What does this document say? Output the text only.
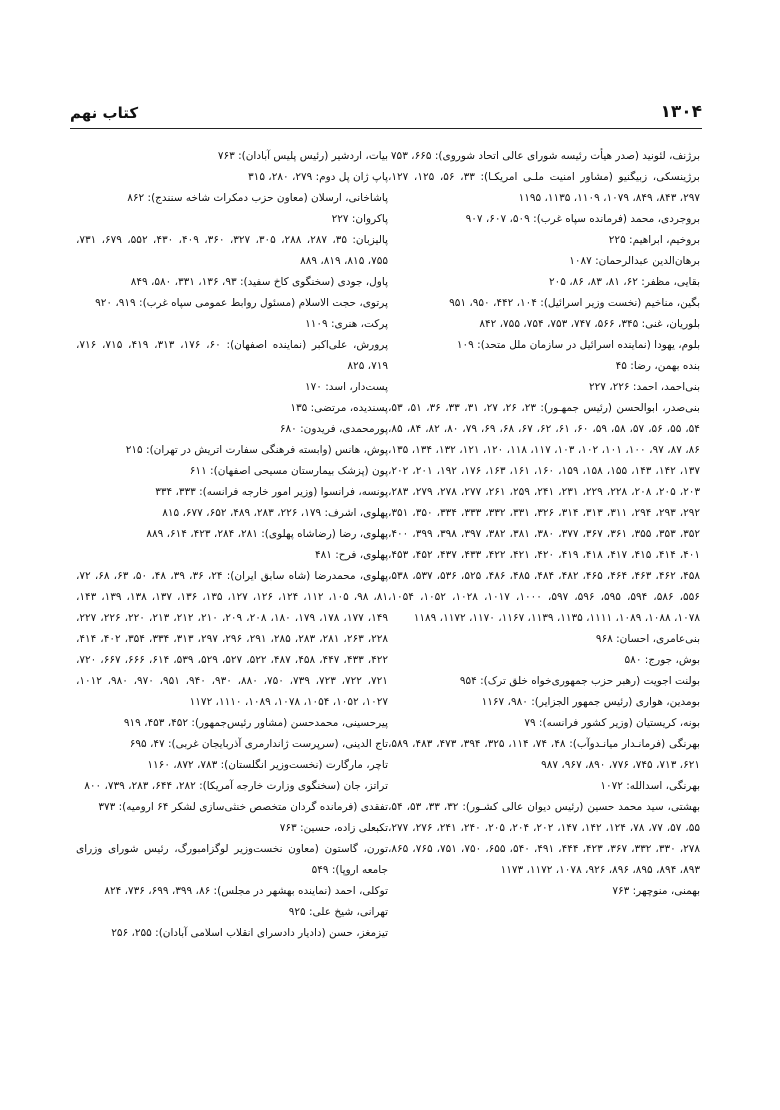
۱۳۰۴
کتاب نهم
برژنف، لئونید (صدر هیأت رئیسه شورای عالی اتحاد شوروی): ۶۶۵، ۷۵۳
برژینسکی، زبیگنیو (مشاور امنیت ملـی امریکـا): ۳۳، ۵۶، ۱۲۵، ۱۲۷، ۲۹۷، ۸۴۳، ۸۴۹، ۱۰۷۹، ۱۱۰۹، ۱۱۳۵، ۱۱۹۵
بروجردی، محمد (فرمانده سپاه غرب): ۵۰۹، ۶۰۷، ۹۰۷
بروخیم، ابراهیم: ۲۲۵
برهان‌الدین عبدالرحمان: ۱۰۸۷
بقایی، مظفر: ۶۲، ۸۱، ۸۳، ۸۶، ۲۰۵
بگین، مناخیم (نخست وزیر اسرائیل): ۱۰۴، ۴۴۲، ۹۵۰، ۹۵۱
بلوریان، غنی: ۳۴۵، ۵۶۶، ۷۴۷، ۷۵۳، ۷۵۴، ۷۵۵، ۸۴۲
بلوم، یهودا (نماینده اسرائیل در سازمان ملل متحد): ۱۰۹
بنده بهمن، رضا: ۴۵
بنی‌احمد، احمد: ۲۲۶، ۲۲۷
بنی‌صدر، ابوالحسن (رئیس جمهـور): ۲۳، ۲۶، ۲۷، ۳۱، ۳۳، ۳۶، ۵۱، ۵۳، ۵۴، ۵۵، ۵۶، ۵۷، ۵۸، ۵۹، ۶۰، ۶۱، ۶۲، ۶۷، ۶۸، ۶۹، ۷۹، ۸۰، ۸۲، ۸۴، ۸۵، ۸۶، ۸۷، ۹۷، ۱۰۰، ۱۰۱، ۱۰۲، ۱۰۳، ۱۱۷، ۱۱۸، ۱۲۰، ۱۲۱، ۱۳۲، ۱۳۴، ۱۳۵، ۱۳۷، ۱۴۲، ۱۴۳، ۱۵۵، ۱۵۸، ۱۵۹، ۱۶۰، ۱۶۱، ۱۶۳، ۱۷۶، ۱۹۲، ۲۰۱، ۲۰۲، ۲۰۳، ۲۰۵، ۲۰۸، ۲۲۸، ۲۲۹، ۲۳۱، ۲۴۱، ۲۵۹، ۲۶۱، ۲۷۷، ۲۷۸، ۲۷۹، ۲۸۳، ۲۹۲، ۲۹۳، ۲۹۴، ۳۱۱، ۳۱۳، ۳۱۴، ۳۲۶، ۳۳۱، ۳۳۲، ۳۳۳، ۳۳۴، ۳۵۰، ۳۵۱، ۳۵۲، ۳۵۳، ۳۵۵، ۳۶۱، ۳۶۷، ۳۷۷، ۳۸۰، ۳۸۱، ۳۸۲، ۳۹۷، ۳۹۸، ۳۹۹، ۴۰۰، ۴۰۱، ۴۱۴، ۴۱۵، ۴۱۷، ۴۱۸، ۴۱۹، ۴۲۰، ۴۲۱، ۴۲۲، ۴۳۳، ۴۳۷، ۴۵۲، ۴۵۳، ۴۵۸، ۴۶۲، ۴۶۳، ۴۶۴، ۴۶۵، ۴۸۲، ۴۸۴، ۴۸۵، ۴۸۶، ۵۲۵، ۵۳۶، ۵۳۷، ۵۳۸، ۵۵۶، ۵۸۶، ۵۹۴، ۵۹۵، ۵۹۶، ۵۹۷، ۱۰۰۰، ۱۰۱۷، ۱۰۲۸، ۱۰۵۲، ۱۰۵۴، ۱۰۷۸، ۱۰۸۸، ۱۰۸۹، ۱۱۱۱، ۱۱۳۵، ۱۱۳۹، ۱۱۶۷، ۱۱۷۰، ۱۱۷۲، ۱۱۸۹
بنی‌عامری، احسان: ۹۶۸
بوش، جورج: ۵۸۰
بولنت اجویت (رهبر حزب جمهوری‌خواه خلق ترک): ۹۵۴
بومدین، هواری (رئیس جمهور الجزایر): ۹۸۰، ۱۱۶۷
بونه، کریستیان (وزیر کشور فرانسه): ۷۹
بهرنگی (فرمانـدار میانـدوآب): ۴۸، ۷۴، ۱۱۴، ۳۲۵، ۳۹۴، ۴۷۳، ۴۸۳، ۵۸۹، ۶۲۱، ۷۱۳، ۷۴۵، ۷۷۶، ۸۹۰، ۹۶۷، ۹۸۷
بهرنگی، اسدالله: ۱۰۷۲
بهشتی، سید محمد حسین (رئیس دیوان عالی کشـور): ۳۲، ۳۳، ۵۳، ۵۴، ۵۵، ۵۷، ۷۷، ۷۸، ۱۲۴، ۱۴۲، ۱۴۷، ۲۰۲، ۲۰۴، ۲۰۵، ۲۴۰، ۲۴۱، ۲۷۶، ۲۷۷، ۲۷۸، ۳۳۰، ۳۳۲، ۳۶۷، ۴۲۳، ۴۴۴، ۴۹۱، ۵۴۰، ۶۵۵، ۷۵۰، ۷۵۱، ۷۶۵، ۸۶۵، ۸۹۳، ۸۹۴، ۸۹۵، ۸۹۶، ۹۲۶، ۱۰۷۸، ۱۱۷۲، ۱۱۷۳
بهمنی، منوچهر: ۷۶۳
بیات، اردشیر (رئیس پلیس آبادان): ۷۶۳
پاپ ژان پل دوم: ۲۷۹، ۲۸۰، ۳۱۵
پاشاخانی، ارسلان (معاون حزب دمکرات شاخه سنندج): ۸۶۲
پاکروان: ۲۲۷
پالیزبان: ۳۵، ۲۸۷، ۲۸۸، ۳۰۵، ۳۲۷، ۳۶۰، ۴۰۹، ۴۳۰، ۵۵۲، ۶۷۹، ۷۳۱، ۷۵۵، ۸۱۵، ۸۱۹، ۸۸۹
پاول، جودی (سخنگوی کاخ سفید): ۹۳، ۱۳۶، ۳۳۱، ۵۸۰، ۸۴۹
پرتوی، حجت الاسلام (مسئول روابط عمومی سپاه غرب): ۹۱۹، ۹۲۰
پرکت، هنری: ۱۱۰۹
پرورش، علی‌اکبر (نماینده اصفهان): ۶۰، ۱۷۶، ۳۱۳، ۴۱۹، ۷۱۵، ۷۱۶، ۷۱۹، ۸۲۵
پست‌دار، اسد: ۱۷۰
پسندیده، مرتضی: ۱۳۵
پورمحمدی، فریدون: ۶۸۰
پوش، هانس (وابسته فرهنگی سفارت اتریش در تهران): ۲۱۵
پون (پزشک بیمارستان مسیحی اصفهان): ۶۱۱
پونسه، فرانسوا (وزیر امور خارجه فرانسه): ۳۳۳، ۳۳۴
پهلوی، اشرف: ۱۷۹، ۲۲۶، ۲۸۳، ۴۸۹، ۶۵۲، ۶۷۷، ۸۱۵
پهلوی، رضا (رضاشاه پهلوی): ۲۸۱، ۲۸۴، ۴۲۳، ۶۱۴، ۸۸۹
پهلوی، فرح: ۴۸۱
پهلوی، محمدرضا (شاه سابق ایران): ۲۴، ۳۶، ۳۹، ۴۸، ۵۰، ۶۳، ۶۸، ۷۲، ۸۱، ۹۸، ۱۰۵، ۱۱۲، ۱۲۴، ۱۲۶، ۱۲۷، ۱۳۵، ۱۳۶، ۱۳۷، ۱۳۸، ۱۳۹، ۱۴۳، ۱۴۹، ۱۷۷، ۱۷۸، ۱۷۹، ۱۸۰، ۲۰۸، ۲۰۹، ۲۱۰، ۲۱۲، ۲۱۳، ۲۲۰، ۲۲۶، ۲۲۷، ۲۲۸، ۲۶۳، ۲۸۱، ۲۸۳، ۲۸۵، ۲۹۱، ۲۹۶، ۲۹۷، ۳۱۳، ۳۳۴، ۳۵۴، ۴۰۲، ۴۱۴، ۴۲۲، ۴۳۳، ۴۴۷، ۴۵۸، ۴۸۷، ۵۲۲، ۵۲۷، ۵۲۹، ۵۳۹، ۶۱۴، ۶۶۶، ۶۶۷، ۷۲۰، ۷۲۱، ۷۲۲، ۷۲۳، ۷۳۹، ۷۵۰، ۸۸۰، ۹۳۰، ۹۴۰، ۹۵۱، ۹۷۰، ۹۸۰، ۱۰۱۲، ۱۰۲۷، ۱۰۵۲، ۱۰۵۴، ۱۰۷۸، ۱۰۸۹، ۱۱۱۰، ۱۱۷۲
پیرحسینی، محمدحسن (مشاور رئیس‌جمهور): ۴۵۲، ۴۵۳، ۹۱۹
تاج الدینی، (سرپرست ژاندارمری آذربایجان غربی): ۴۷، ۶۹۵
تاچر، مارگارت (نخست‌وزیر انگلستان): ۷۸۳، ۸۷۲، ۱۱۶۰
تراتز، جان (سخنگوی وزارت خارجه آمریکا): ۲۸۲، ۶۴۴، ۲۸۳، ۷۳۹، ۸۰۰
تفقدی (فرمانده گردان متخصص خنثی‌سازی لشکر ۶۴ ارومیه): ۳۷۳
تکبعلی زاده، حسین: ۷۶۳
تورن، گاستون (معاون نخست‌وزیر لوگزامبورگ، رئیس شورای وزرای جامعه اروپا): ۵۴۹
توکلی، احمد (نماینده بهشهر در مجلس): ۸۶، ۳۹۹، ۶۹۹، ۷۳۶، ۸۲۴
تهرانی، شیخ علی: ۹۲۵
تیزمغز، حسن (دادیار دادسرای انقلاب اسلامی آبادان): ۲۵۵، ۲۵۶
